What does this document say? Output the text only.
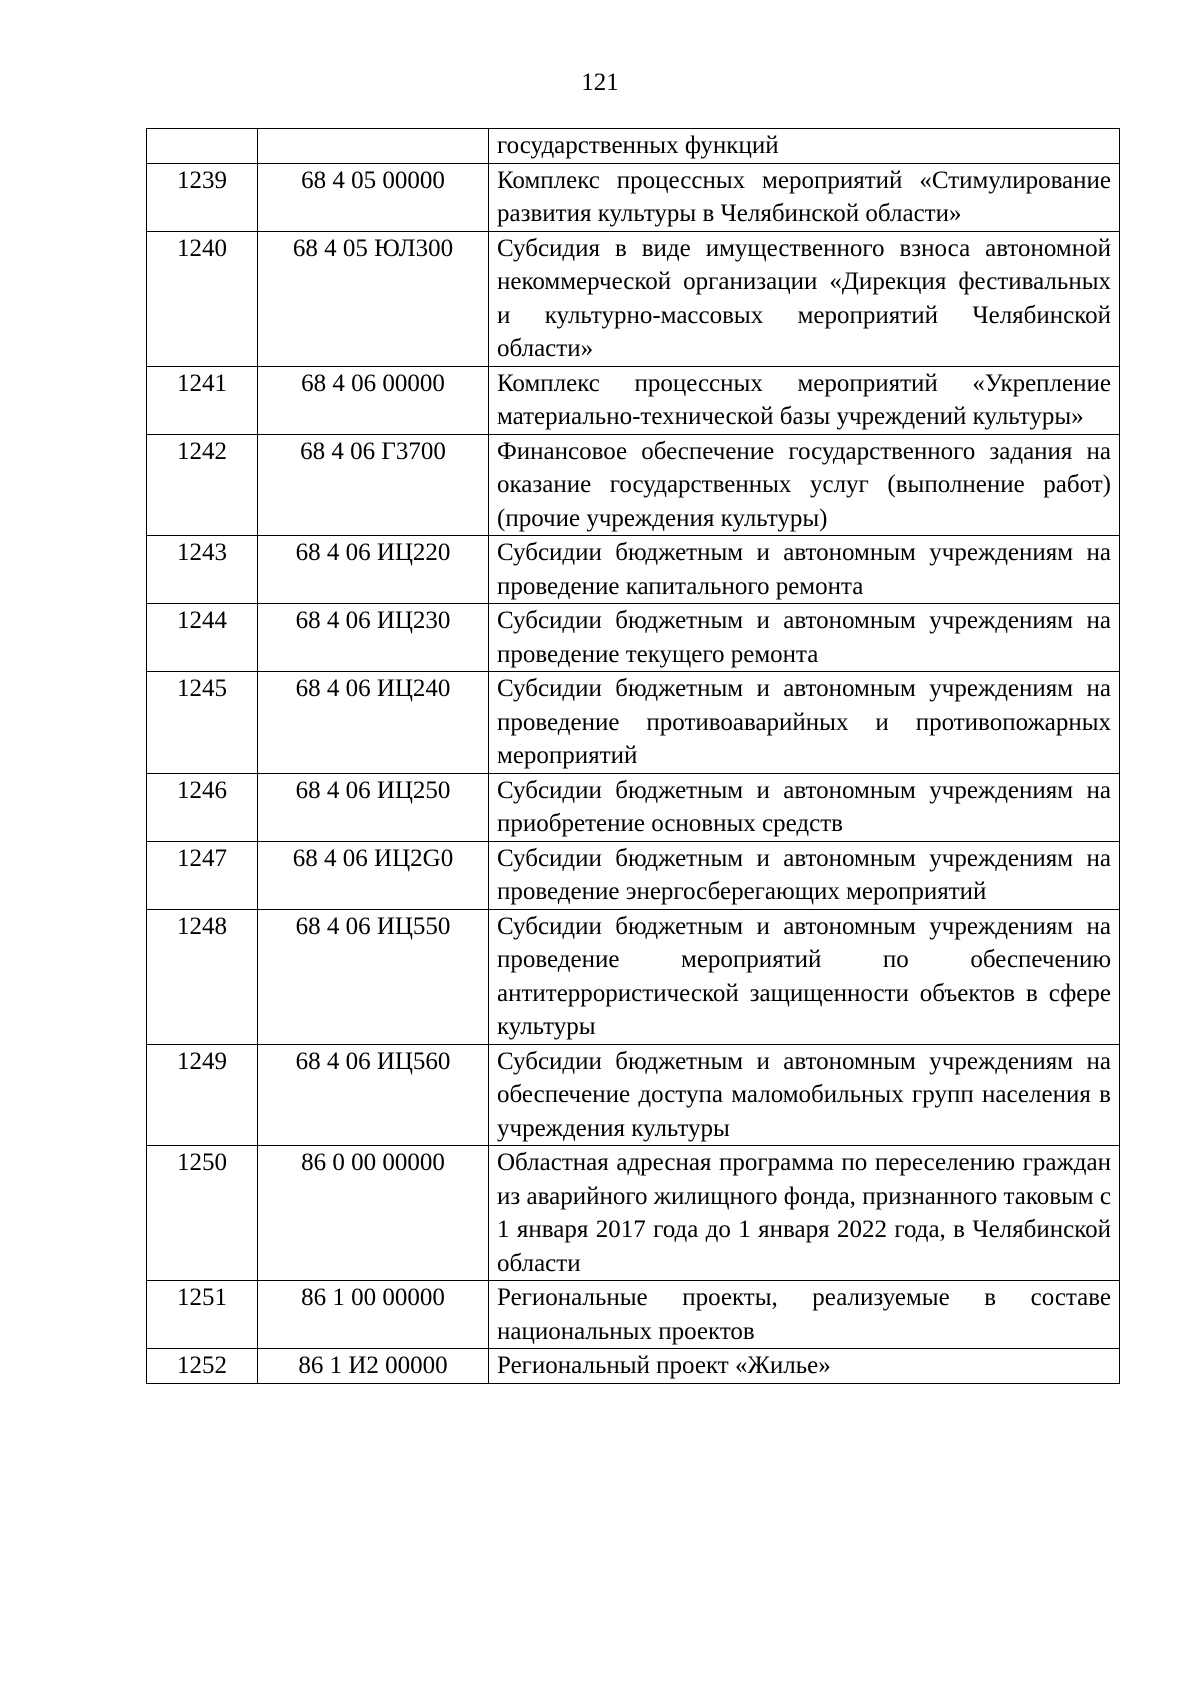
121
		государственных функций
1239	68 4 05 00000	Комплекс процессных мероприятий «Стимулирование развития культуры в Челябинской области»
1240	68 4 05 ЮЛ300	Субсидия в виде имущественного взноса автономной некоммерческой организации «Дирекция фестивальных и культурно-массовых мероприятий Челябинской области»
1241	68 4 06 00000	Комплекс процессных мероприятий «Укрепление материально-технической базы учреждений культуры»
1242	68 4 06 Г3700	Финансовое обеспечение государственного задания на оказание государственных услуг (выполнение работ) (прочие учреждения культуры)
1243	68 4 06 ИЦ220	Субсидии бюджетным и автономным учреждениям на проведение капитального ремонта
1244	68 4 06 ИЦ230	Субсидии бюджетным и автономным учреждениям на проведение текущего ремонта
1245	68 4 06 ИЦ240	Субсидии бюджетным и автономным учреждениям на проведение противоаварийных и противопожарных мероприятий
1246	68 4 06 ИЦ250	Субсидии бюджетным и автономным учреждениям на приобретение основных средств
1247	68 4 06 ИЦ2G0	Субсидии бюджетным и автономным учреждениям на проведение энергосберегающих мероприятий
1248	68 4 06 ИЦ550	Субсидии бюджетным и автономным учреждениям на проведение мероприятий по обеспечению антитеррористической защищенности объектов в сфере культуры
1249	68 4 06 ИЦ560	Субсидии бюджетным и автономным учреждениям на обеспечение доступа маломобильных групп населения в учреждения культуры
1250	86 0 00 00000	Областная адресная программа по переселению граждан из аварийного жилищного фонда, признанного таковым с 1 января 2017 года до 1 января 2022 года, в Челябинской области
1251	86 1 00 00000	Региональные проекты, реализуемые в составе национальных проектов
1252	86 1 И2 00000	Региональный проект «Жилье»
